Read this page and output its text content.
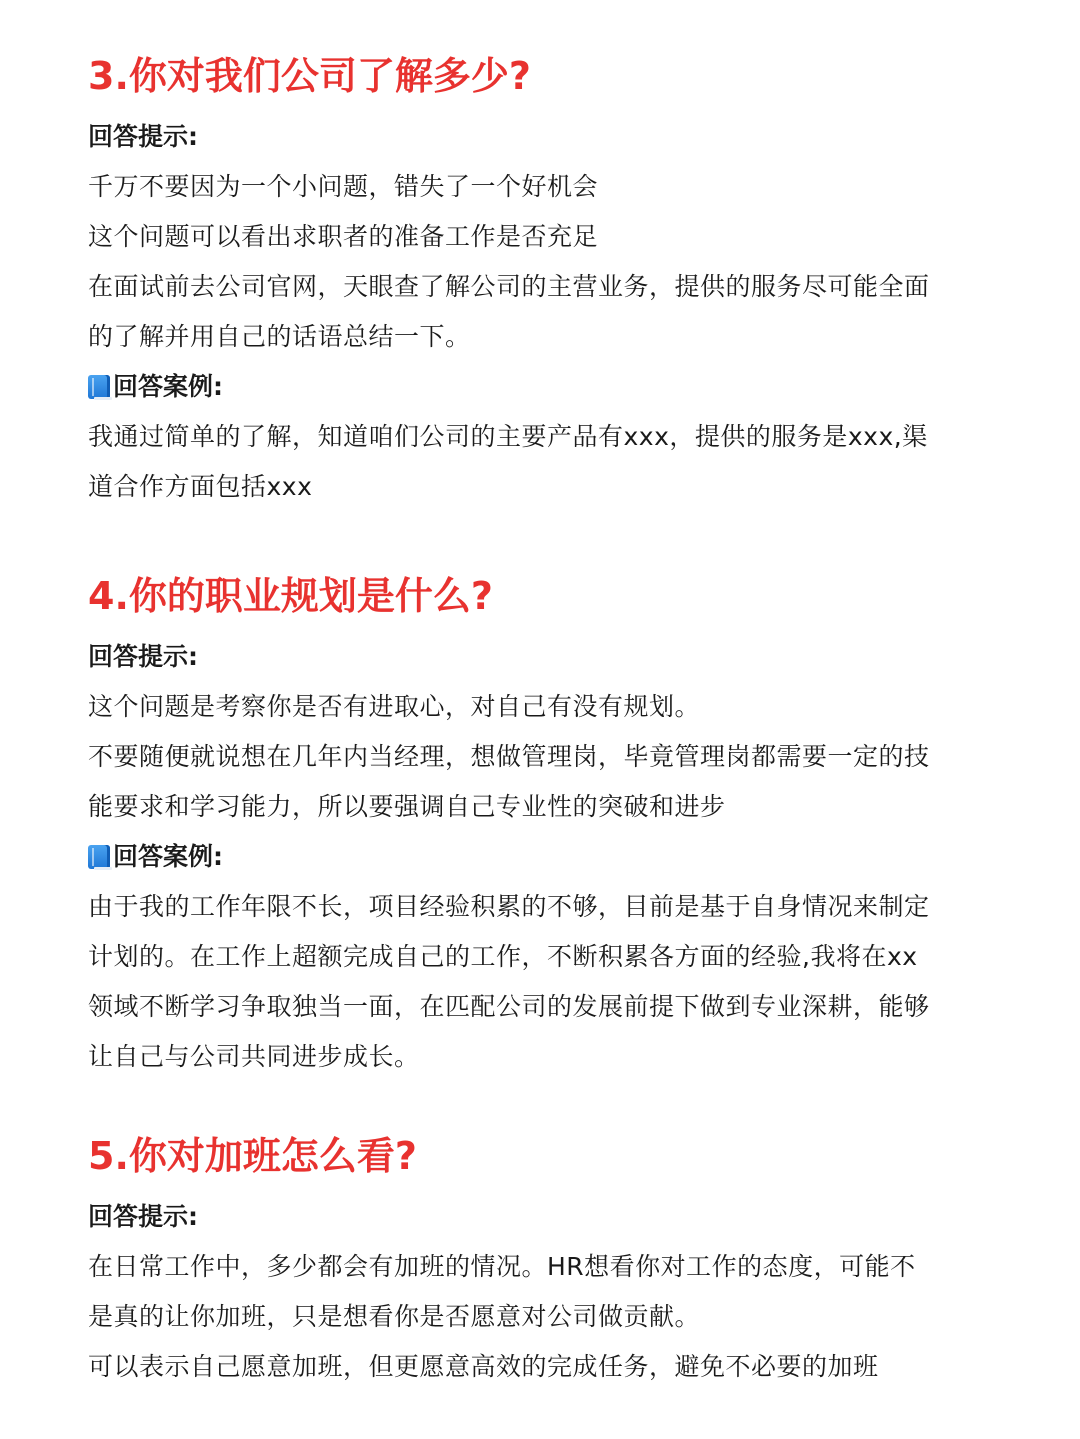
3.你对我们公司了解多少?

回答提示:

千万不要因为一个小问题，错失了一个好机会

这个问题可以看出求职者的准备工作是否充足

在面试前去公司官网，天眼查了解公司的主营业务，提供的服务尽可能全面

的了解并用自己的话语总结一下。

回答案例:

我通过简单的了解，知道咱们公司的主要产品有xxx，提供的服务是xxx,渠

道合作方面包括xxx

4.你的职业规划是什么?

回答提示:

这个问题是考察你是否有进取心，对自己有没有规划。

不要随便就说想在几年内当经理，想做管理岗，毕竟管理岗都需要一定的技

能要求和学习能力，所以要强调自己专业性的突破和进步

回答案例:

由于我的工作年限不长，项目经验积累的不够，目前是基于自身情况来制定

计划的。在工作上超额完成自己的工作，不断积累各方面的经验,我将在xx

领域不断学习争取独当一面，在匹配公司的发展前提下做到专业深耕，能够

让自己与公司共同进步成长。

5.你对加班怎么看?

回答提示:

在日常工作中，多少都会有加班的情况。HR想看你对工作的态度，可能不

是真的让你加班，只是想看你是否愿意对公司做贡献。

可以表示自己愿意加班，但更愿意高效的完成任务，避免不必要的加班
